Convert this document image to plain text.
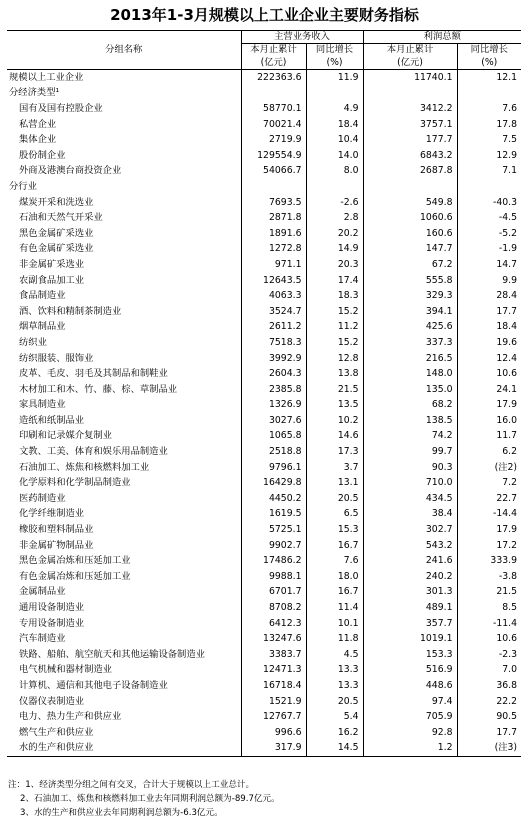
2013年1-3月规模以上工业企业主要财务指标
分组名称	主营业务收入		利润总额	
	本月止累计	同比增长	本月止累计	同比增长
	(亿元)	(%)	(亿元)	(%)
规模以上工业企业	222363.6	11.9	11740.1	12.1
分经济类型¹				
国有及国有控股企业	58770.1	4.9	3412.2	7.6
私营企业	70021.4	18.4	3757.1	17.8
集体企业	2719.9	10.4	177.7	7.5
股份制企业	129554.9	14.0	6843.2	12.9
外商及港澳台商投资企业	54066.7	8.0	2687.8	7.1
分行业				
煤炭开采和洗选业	7693.5	-2.6	549.8	-40.3
石油和天然气开采业	2871.8	2.8	1060.6	-4.5
黑色金属矿采选业	1891.6	20.2	160.6	-5.2
有色金属矿采选业	1272.8	14.9	147.7	-1.9
非金属矿采选业	971.1	20.3	67.2	14.7
农副食品加工业	12643.5	17.4	555.8	9.9
食品制造业	4063.3	18.3	329.3	28.4
酒、饮料和精制茶制造业	3524.7	15.2	394.1	17.7
烟草制品业	2611.2	11.2	425.6	18.4
纺织业	7518.3	15.2	337.3	19.6
纺织服装、服饰业	3992.9	12.8	216.5	12.4
皮革、毛皮、羽毛及其制品和制鞋业	2604.3	13.8	148.0	10.6
木材加工和木、竹、藤、棕、草制品业	2385.8	21.5	135.0	24.1
家具制造业	1326.9	13.5	68.2	17.9
造纸和纸制品业	3027.6	10.2	138.5	16.0
印刷和记录媒介复制业	1065.8	14.6	74.2	11.7
文教、工美、体育和娱乐用品制造业	2518.8	17.3	99.7	6.2
石油加工、炼焦和核燃料加工业	9796.1	3.7	90.3	(注2)
化学原料和化学制品制造业	16429.8	13.1	710.0	7.2
医药制造业	4450.2	20.5	434.5	22.7
化学纤维制造业	1619.5	6.5	38.4	-14.4
橡胶和塑料制品业	5725.1	15.3	302.7	17.9
非金属矿物制品业	9902.7	16.7	543.2	17.2
黑色金属冶炼和压延加工业	17486.2	7.6	241.6	333.9
有色金属冶炼和压延加工业	9988.1	18.0	240.2	-3.8
金属制品业	6701.7	16.7	301.3	21.5
通用设备制造业	8708.2	11.4	489.1	8.5
专用设备制造业	6412.3	10.1	357.7	-11.4
汽车制造业	13247.6	11.8	1019.1	10.6
铁路、船舶、航空航天和其他运输设备制造业	3383.7	4.5	153.3	-2.3
电气机械和器材制造业	12471.3	13.3	516.9	7.0
计算机、通信和其他电子设备制造业	16718.4	13.3	448.6	36.8
仪器仪表制造业	1521.9	20.5	97.4	22.2
电力、热力生产和供应业	12767.7	5.4	705.9	90.5
燃气生产和供应业	996.6	16.2	92.8	17.7
水的生产和供应业	317.9	14.5	1.2	(注3)
注：1、经济类型分组之间有交叉，合计大于规模以上工业总计。
2、石油加工、炼焦和核燃料加工业去年同期利润总额为-89.7亿元。
3、水的生产和供应业去年同期利润总额为-6.3亿元。
